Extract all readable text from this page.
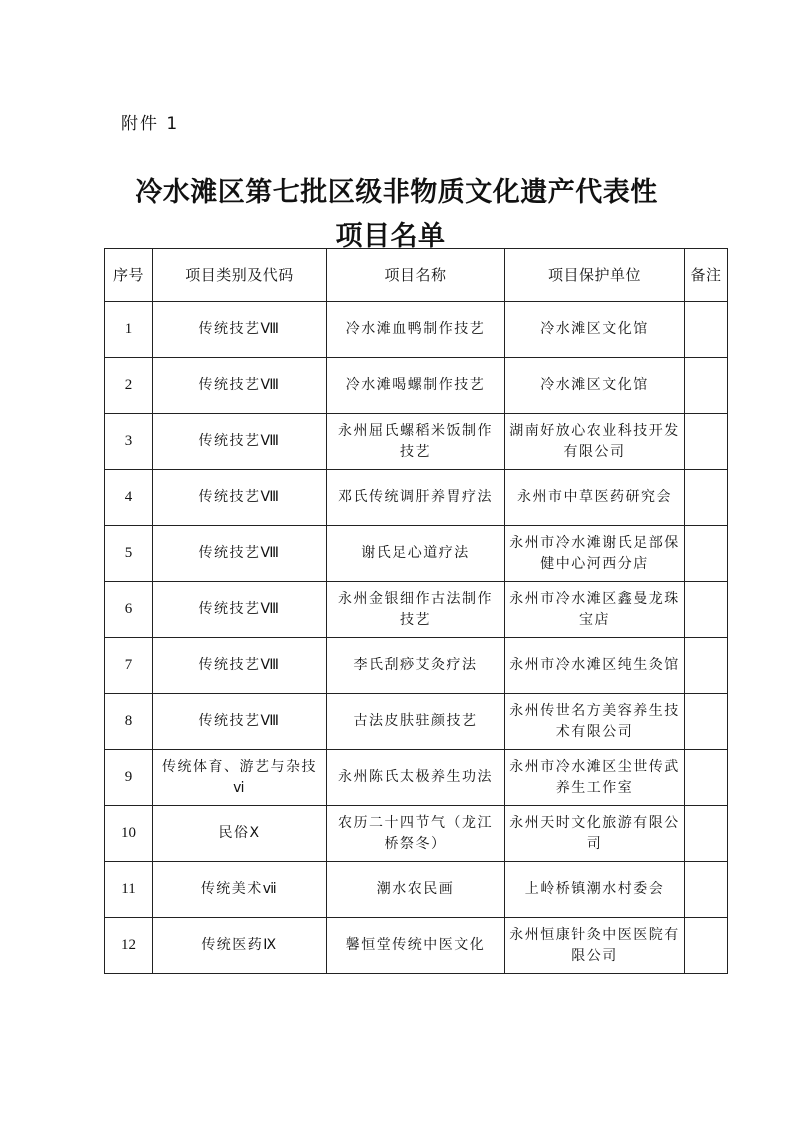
附件 1
冷水滩区第七批区级非物质文化遗产代表性
项目名单
序号	项目类别及代码	项目名称	项目保护单位	备注
1	传统技艺Ⅷ	冷水滩血鸭制作技艺	冷水滩区文化馆	
2	传统技艺Ⅷ	冷水滩喝螺制作技艺	冷水滩区文化馆	
3	传统技艺Ⅷ	永州屈氏螺稻米饭制作技艺	湖南好放心农业科技开发有限公司	
4	传统技艺Ⅷ	邓氏传统调肝养胃疗法	永州市中草医药研究会	
5	传统技艺Ⅷ	谢氏足心道疗法	永州市冷水滩谢氏足部保健中心河西分店	
6	传统技艺Ⅷ	永州金银细作古法制作技艺	永州市冷水滩区鑫曼龙珠宝店	
7	传统技艺Ⅷ	李氏刮痧艾灸疗法	永州市冷水滩区纯生灸馆	
8	传统技艺Ⅷ	古法皮肤驻颜技艺	永州传世名方美容养生技术有限公司	
9	传统体育、游艺与杂技ⅵ	永州陈氏太极养生功法	永州市冷水滩区尘世传武养生工作室	
10	民俗Ⅹ	农历二十四节气（龙江桥祭冬）	永州天时文化旅游有限公司	
11	传统美术ⅶ	潮水农民画	上岭桥镇潮水村委会	
12	传统医药Ⅸ	馨恒堂传统中医文化	永州恒康针灸中医医院有限公司	
